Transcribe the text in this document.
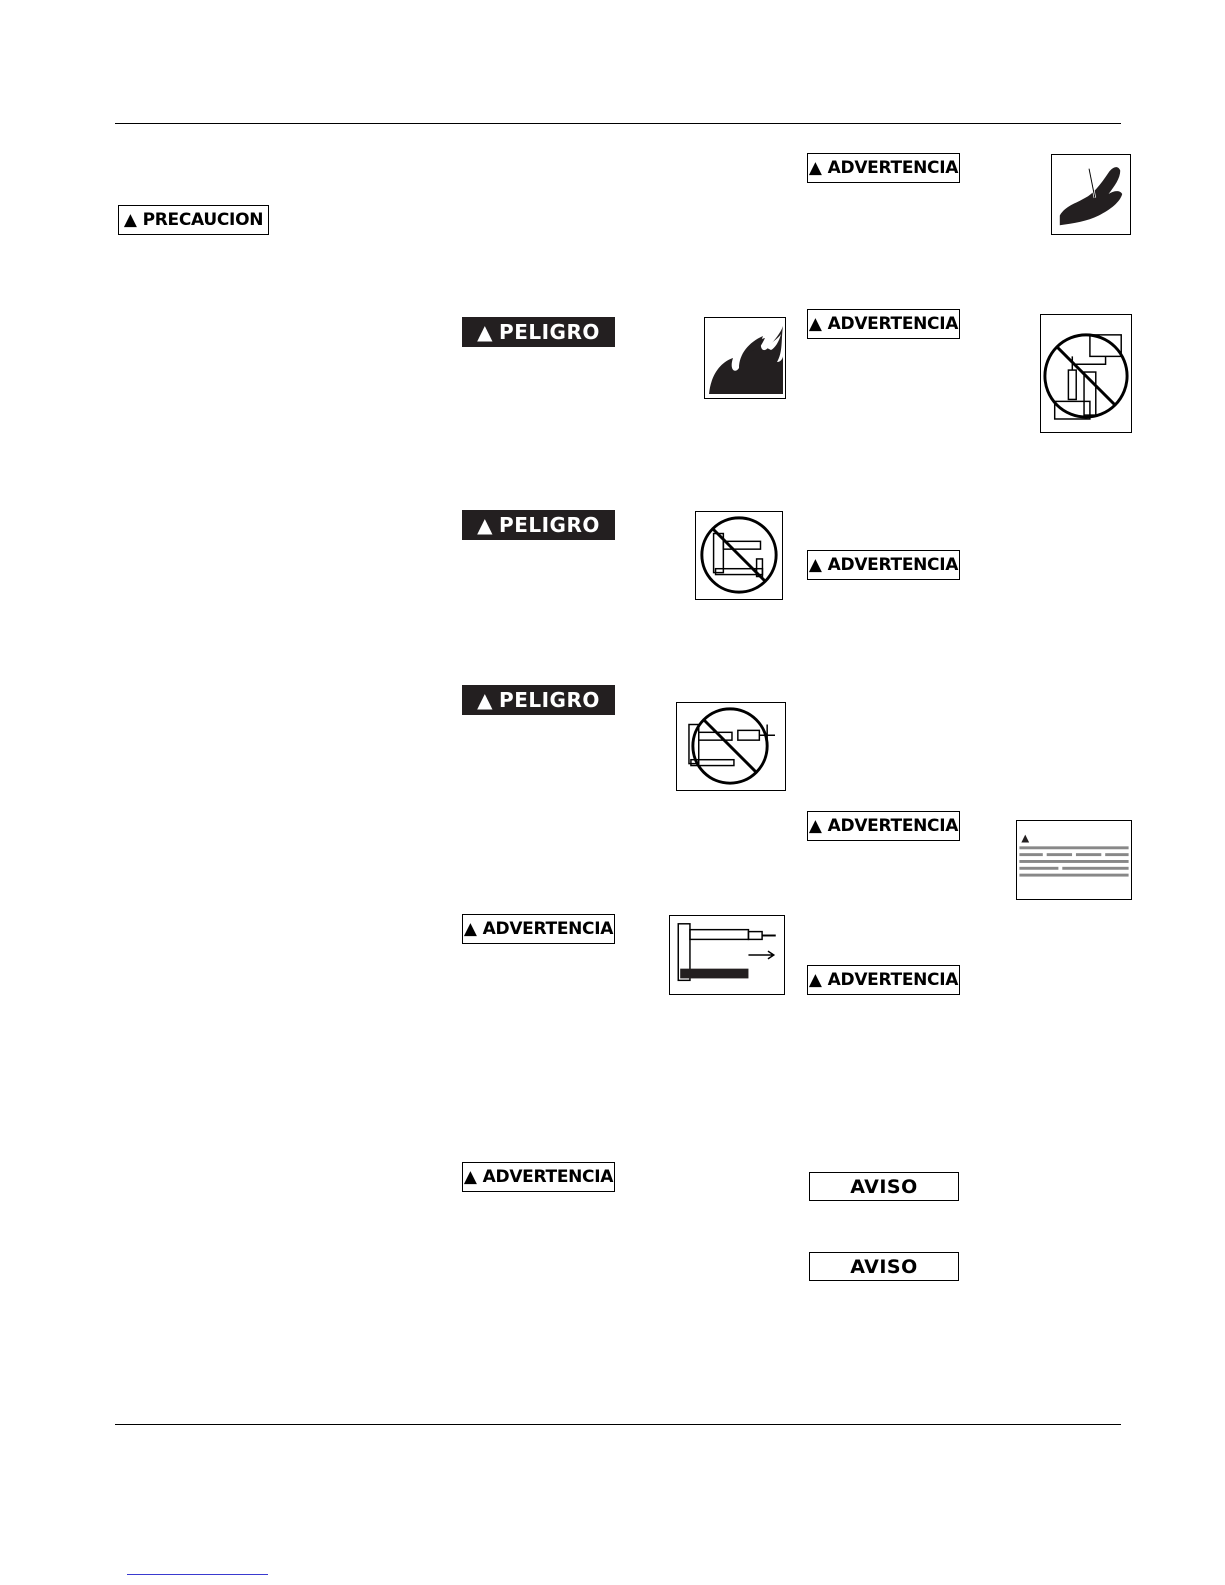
▲ PRECAUCION
▲ PELIGRO
▲ PELIGRO
▲ PELIGRO
▲ ADVERTENCIA
▲ ADVERTENCIA
▲ ADVERTENCIA
▲ ADVERTENCIA
▲ ADVERTENCIA
▲ ADVERTENCIA
▲ ADVERTENCIA
AVISO
AVISO
